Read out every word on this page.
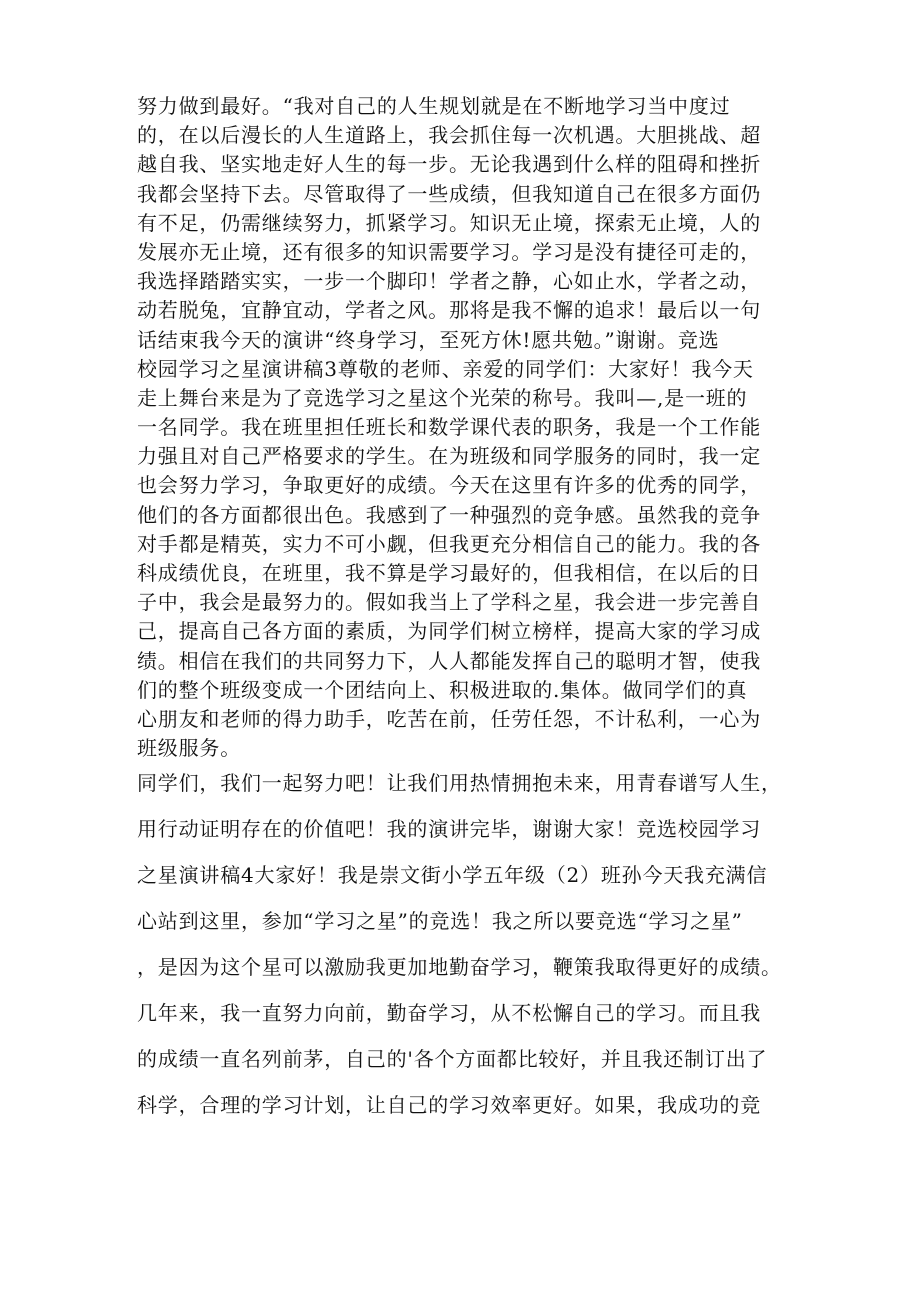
努力做到最好。“我对自己的人生规划就是在不断地学习当中度过
的，在以后漫长的人生道路上，我会抓住每一次机遇。大胆挑战、超
越自我、坚实地走好人生的每一步。无论我遇到什么样的阻碍和挫折
我都会坚持下去。尽管取得了一些成绩，但我知道自己在很多方面仍
有不足，仍需继续努力，抓紧学习。知识无止境，探索无止境，人的
发展亦无止境，还有很多的知识需要学习。学习是没有捷径可走的，
我选择踏踏实实，一步一个脚印！学者之静，心如止水，学者之动，
动若脱兔，宜静宜动，学者之风。那将是我不懈的追求！最后以一句
话结束我今天的演讲“终身学习，至死方休!愿共勉。”谢谢。竞选
校园学习之星演讲稿3尊敬的老师、亲爱的同学们：大家好！我今天
走上舞台来是为了竞选学习之星这个光荣的称号。我叫—,是一班的
一名同学。我在班里担任班长和数学课代表的职务，我是一个工作能
力强且对自己严格要求的学生。在为班级和同学服务的同时，我一定
也会努力学习，争取更好的成绩。今天在这里有许多的优秀的同学，
他们的各方面都很出色。我感到了一种强烈的竞争感。虽然我的竞争
对手都是精英，实力不可小觑，但我更充分相信自己的能力。我的各
科成绩优良，在班里，我不算是学习最好的，但我相信，在以后的日
子中，我会是最努力的。假如我当上了学科之星，我会进一步完善自
己，提高自己各方面的素质，为同学们树立榜样，提高大家的学习成
绩。相信在我们的共同努力下，人人都能发挥自己的聪明才智，使我
们的整个班级变成一个团结向上、积极进取的.集体。做同学们的真
心朋友和老师的得力助手，吃苦在前，任劳任怨，不计私利，一心为
班级服务。
同学们，我们一起努力吧！让我们用热情拥抱未来，用青春谱写人生，
用行动证明存在的价值吧！我的演讲完毕，谢谢大家！竞选校园学习
之星演讲稿4大家好！我是崇文街小学五年级（2）班孙今天我充满信
心站到这里，参加“学习之星”的竞选！我之所以要竞选“学习之星”
，是因为这个星可以激励我更加地勤奋学习，鞭策我取得更好的成绩。
几年来，我一直努力向前，勤奋学习，从不松懈自己的学习。而且我
的成绩一直名列前茅，自己的'各个方面都比较好，并且我还制订出了
科学，合理的学习计划，让自己的学习效率更好。如果，我成功的竞
